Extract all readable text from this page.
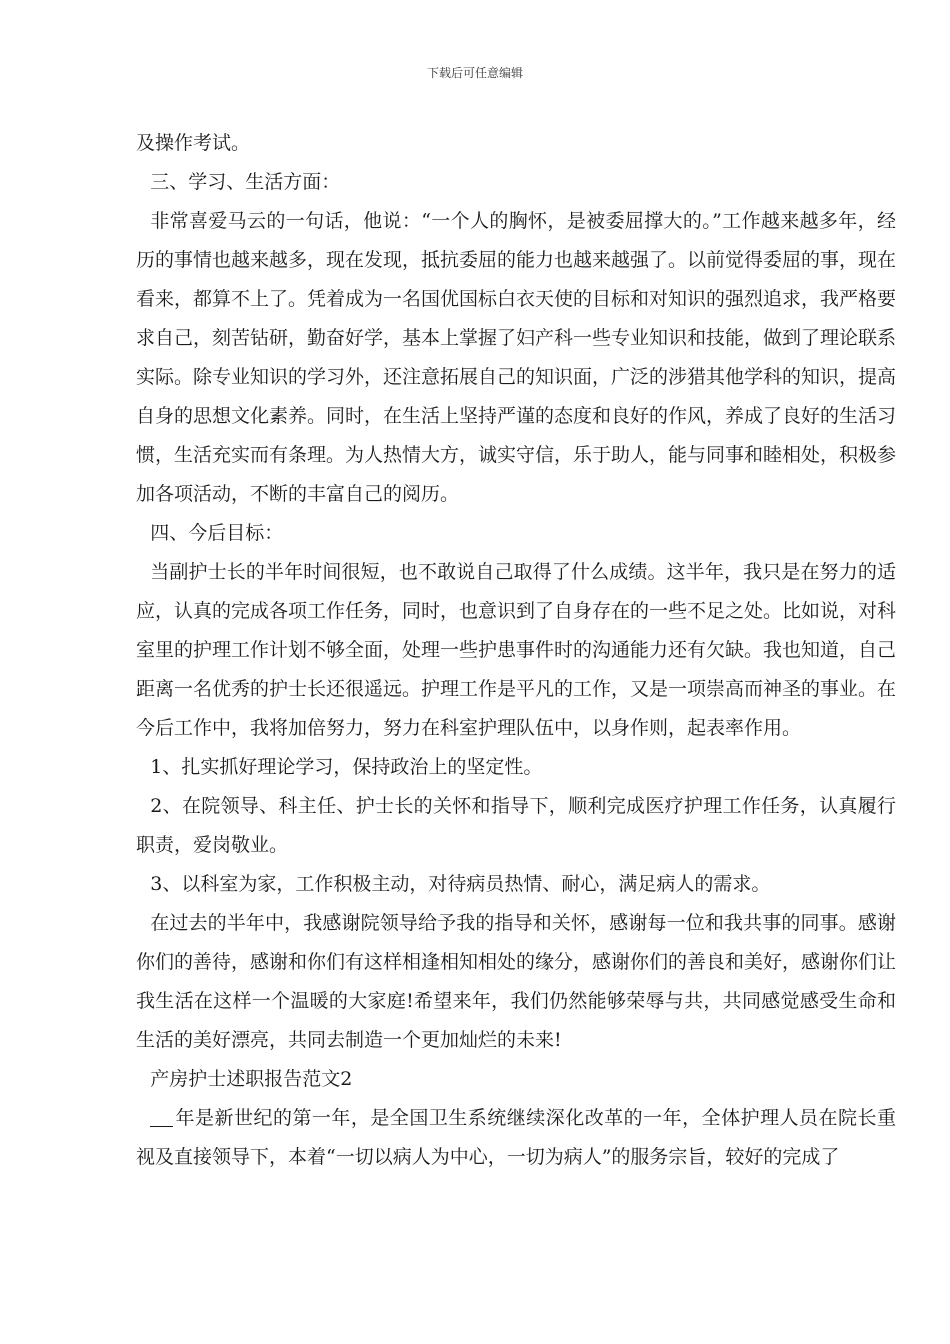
下载后可任意编辑

及操作考试。

三、学习、生活方面：

非常喜爱马云的一句话，他说：“一个人的胸怀，是被委屈撑大的。”工作越来越多年，经历的事情也越来越多，现在发现，抵抗委屈的能力也越来越强了。以前觉得委屈的事，现在看来，都算不上了。凭着成为一名国优国标白衣天使的目标和对知识的强烈追求，我严格要求自己，刻苦钻研，勤奋好学，基本上掌握了妇产科一些专业知识和技能，做到了理论联系实际。除专业知识的学习外，还注意拓展自己的知识面，广泛的涉猎其他学科的知识，提高自身的思想文化素养。同时，在生活上坚持严谨的态度和良好的作风，养成了良好的生活习惯，生活充实而有条理。为人热情大方，诚实守信，乐于助人，能与同事和睦相处，积极参加各项活动，不断的丰富自己的阅历。

四、今后目标：

当副护士长的半年时间很短，也不敢说自己取得了什么成绩。这半年，我只是在努力的适应，认真的完成各项工作任务，同时，也意识到了自身存在的一些不足之处。比如说，对科室里的护理工作计划不够全面，处理一些护患事件时的沟通能力还有欠缺。我也知道，自己距离一名优秀的护士长还很遥远。护理工作是平凡的工作，又是一项崇高而神圣的事业。在今后工作中，我将加倍努力，努力在科室护理队伍中，以身作则，起表率作用。

1、扎实抓好理论学习，保持政治上的坚定性。

2、在院领导、科主任、护士长的关怀和指导下，顺利完成医疗护理工作任务，认真履行职责，爱岗敬业。

3、以科室为家，工作积极主动，对待病员热情、耐心，满足病人的需求。

在过去的半年中，我感谢院领导给予我的指导和关怀，感谢每一位和我共事的同事。感谢你们的善待，感谢和你们有这样相逢相知相处的缘分，感谢你们的善良和美好，感谢你们让我生活在这样一个温暖的大家庭!希望来年，我们仍然能够荣辱与共，共同感觉感受生命和生活的美好漂亮，共同去制造一个更加灿烂的未来!

产房护士述职报告范文2

年是新世纪的第一年，是全国卫生系统继续深化改革的一年，全体护理人员在院长重视及直接领导下，本着“一切以病人为中心，一切为病人”的服务宗旨，较好的完成了
